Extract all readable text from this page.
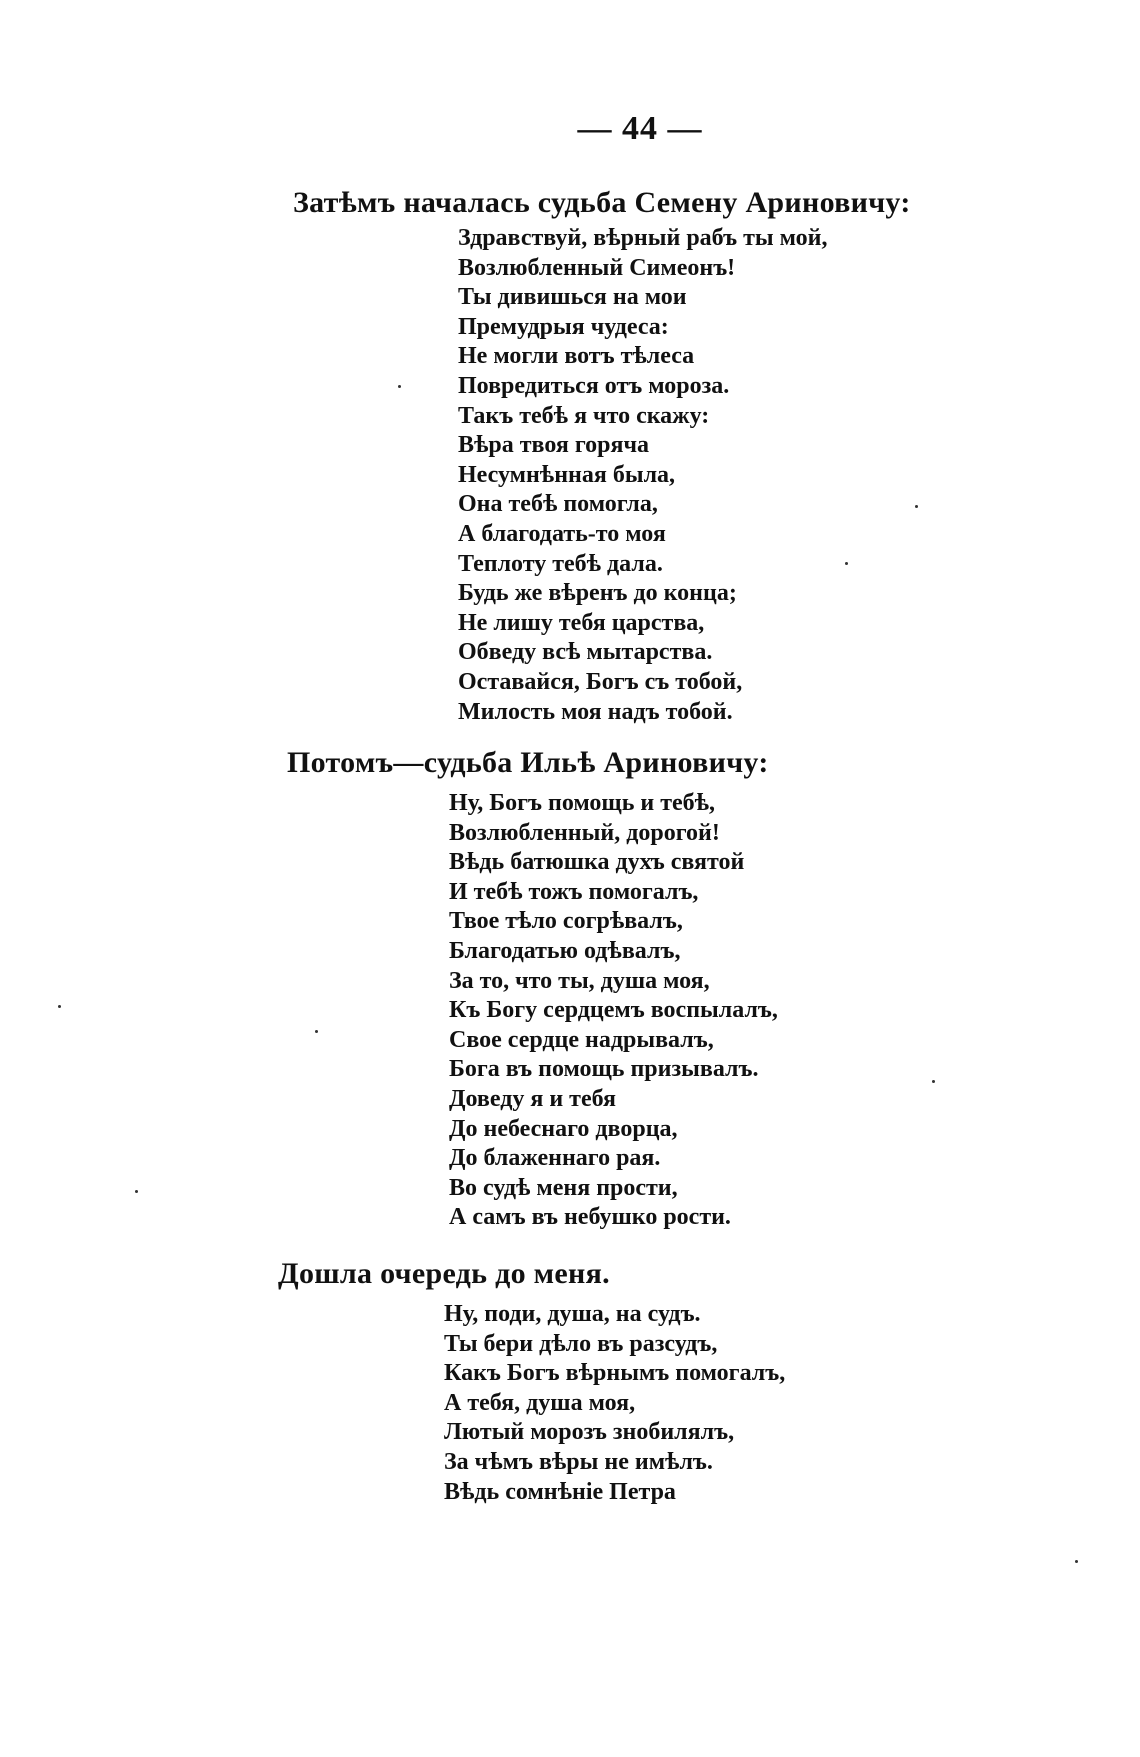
— 44 —
Затѣмъ началась судьба Семену Ариновичу:
Здравствуй, вѣрный рабъ ты мой,
Возлюбленный Симеонъ!
Ты дивишься на мои
Премудрыя чудеса:
Не могли вотъ тѣлеса
Повредиться отъ мороза.
Такъ тебѣ я что скажу:
Вѣра твоя горяча
Несумнѣнная была,
Она тебѣ помогла,
А благодать-то моя
Теплоту тебѣ дала.
Будь же вѣренъ до конца;
Не лишу тебя царства,
Обведу всѣ мытарства.
Оставайся, Богъ съ тобой,
Милость моя надъ тобой.
Потомъ—судьба Ильѣ Ариновичу:
Ну, Богъ помощь и тебѣ,
Возлюбленный, дорогой!
Вѣдь батюшка духъ святой
И тебѣ тожъ помогалъ,
Твое тѣло согрѣвалъ,
Благодатью одѣвалъ,
За то, что ты, душа моя,
Къ Богу сердцемъ воспылалъ,
Свое сердце надрывалъ,
Бога въ помощь призывалъ.
Доведу я и тебя
До небеснаго дворца,
До блаженнаго рая.
Во судѣ меня прости,
А самъ въ небушко рости.
Дошла очередь до меня.
Ну, поди, душа, на судъ.
Ты бери дѣло въ разсудъ,
Какъ Богъ вѣрнымъ помогалъ,
А тебя, душа моя,
Лютый морозъ знобилялъ,
За чѣмъ вѣры не имѣлъ.
Вѣдь сомнѣніе Петра
